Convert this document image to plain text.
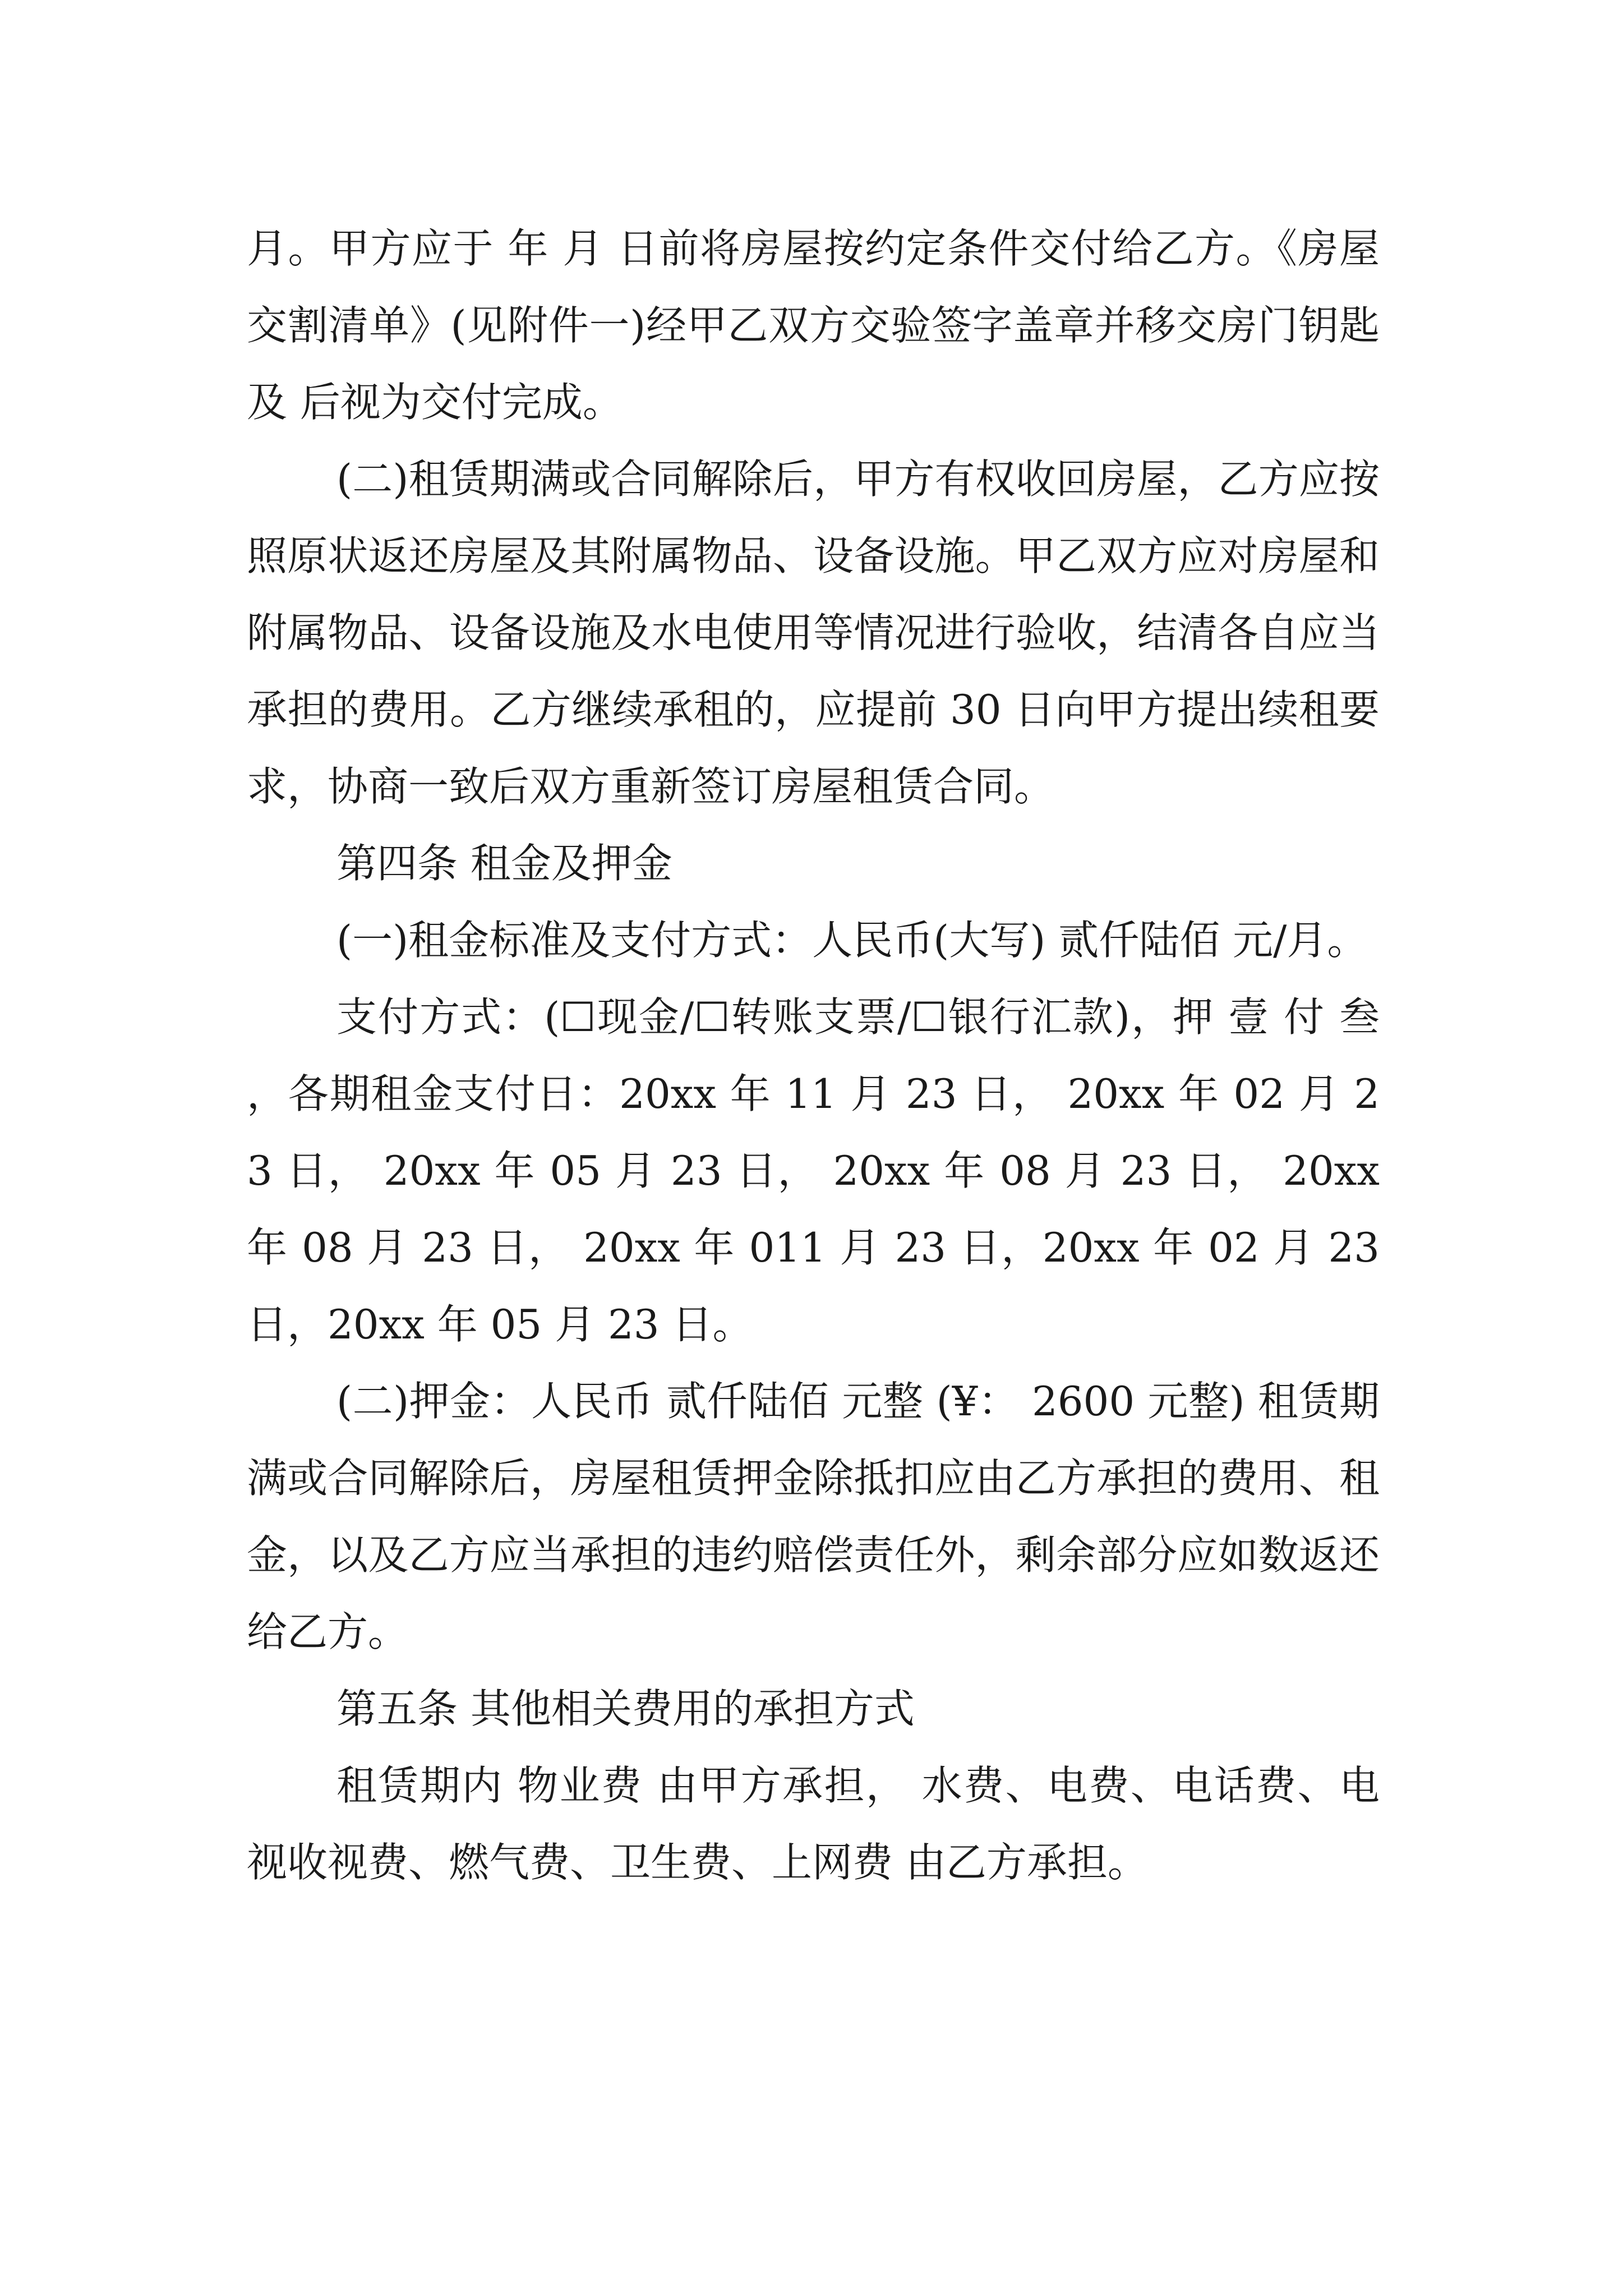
月。甲方应于 年 月 日前将房屋按约定条件交付给乙方。《房屋交割清单》(见附件一)经甲乙双方交验签字盖章并移交房门钥匙及 后视为交付完成。

(二)租赁期满或合同解除后，甲方有权收回房屋，乙方应按照原状返还房屋及其附属物品、设备设施。甲乙双方应对房屋和附属物品、设备设施及水电使用等情况进行验收，结清各自应当承担的费用。乙方继续承租的，应提前 30 日向甲方提出续租要求，协商一致后双方重新签订房屋租赁合同。

第四条 租金及押金

(一)租金标准及支付方式：人民币(大写) 贰仟陆佰 元/月。

支付方式：(☐现金/☐转账支票/☐银行汇款)，押 壹 付 叁 ，各期租金支付日：20xx 年 11 月 23 日， 20xx 年 02 月 23 日， 20xx 年 05 月 23 日， 20xx 年 08 月 23 日， 20xx 年 08 月 23 日， 20xx 年 011 月 23 日，20xx 年 02 月 23 日，20xx 年 05 月 23 日。

(二)押金：人民币 贰仟陆佰 元整 (¥： 2600 元整) 租赁期满或合同解除后，房屋租赁押金除抵扣应由乙方承担的费用、租金，以及乙方应当承担的违约赔偿责任外，剩余部分应如数返还给乙方。

第五条 其他相关费用的承担方式

租赁期内 物业费 由甲方承担， 水费、电费、电话费、电视收视费、燃气费、卫生费、上网费 由乙方承担。
